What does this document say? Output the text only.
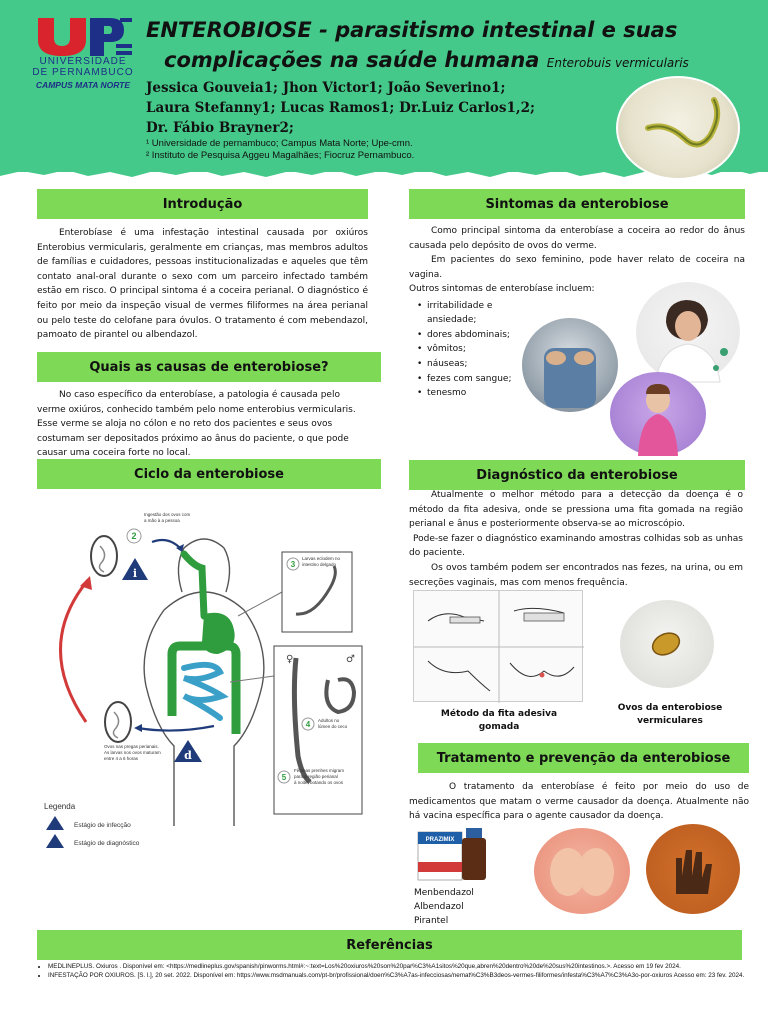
UNIVERSIDADE
DE PERNAMBUCO
CAMPUS MATA NORTE
ENTEROBIOSE - parasitismo intestinal e suas
complicações na saúde humana Enterobuis vermicularis
Jessica Gouveia1; Jhon Victor1; João Severino1;
Laura Stefanny1; Lucas Ramos1; Dr.Luiz Carlos1,2;
Dr. Fábio Brayner2;
¹ Universidade de pernambuco; Campus Mata Norte; Upe-cmn.
² Instituto de Pesquisa Aggeu Magalhães; Fiocruz Pernambuco.
Introdução

Enterobíase é uma infestação intestinal causada por oxiúros Enterobius vermicularis, geralmente em crianças, mas membros adultos de famílias e cuidadores, pessoas institucionalizadas e aqueles que têm contato anal-oral durante o sexo com um parceiro infectado também estão em risco. O principal sintoma é a coceira perianal. O diagnóstico é feito por meio da inspeção visual de vermes filiformes na área perianal ou pelo teste do celofane para óvulos. O tratamento é com mebendazol, pamoato de pirantel ou albendazol.

Quais as causas de enterobiose?

No caso específico da enterobíase, a patologia é causada pelo verme oxiúros, conhecido também pelo nome enterobius vermicularis. Esse verme se aloja no cólon e no reto dos pacientes e seus ovos costumam ser depositados próximo ao ânus do paciente, o que pode causar uma coceira forte no local.

Ciclo da enterobiose
2
3
4
5
i
d
♀	♂
Ingestão dos ovos com a mão à a pessoa
Larvas eclodem no intestino delgado
Adultos no lúmen do ceco
Fêmeas prenhes migram para a região perianal à noite, botando os ovos
Ovos nas pregas perianais. As larvas nos ovos maturam entre 4 a 6 horas
Estágio de infecção
Estágio de diagnóstico
Legenda
Sintomas da enterobiose

Como principal sintoma da enterobíase a coceira ao redor do ânus causada pelo depósito de ovos do verme.

Em pacientes do sexo feminino, pode haver relato de coceira na vagina.

Outros sintomas de enterobíase incluem:
• irritabilidade e ansiedade;
• dores abdominais;
• vômitos;
• náuseas;
• fezes com sangue;
• tenesmo
Diagnóstico da enterobiose

Atualmente o melhor método para a detecção da doença é o método da fita adesiva, onde se pressiona uma fita gomada na região perianal e ânus e posteriormente observa-se ao microscópio.

Pode-se fazer o diagnóstico examinando amostras colhidas sob as unhas do paciente.

Os ovos também podem ser encontrados nas fezes, na urina, ou em secreções vaginais, mas com menos frequência.

Método da fita adesiva gomada
Ovos da enterobiose vermiculares
Tratamento e prevenção da enterobiose

O tratamento da enterobíase é feito por meio do uso de medicamentos que matam o verme causador da doença. Atualmente não há vacina específica para o agente causador da doença.

PRAZIMIX
Menbendazol
Albendazol
Pirantel
Referências
• MEDLINEPLUS. Oxiuros . Disponível em: <https://medlineplus.gov/spanish/pinworms.html#:~:text=Los%20oxiuros%20son%20par%C3%A1sitos%20que,abren%20dentro%20de%20sus%20intestinos.>. Acesso em 19 fev 2024.
• INFESTAÇÃO POR OXIUROS. [S. l.], 20 set. 2022. Disponível em: https://www.msdmanuals.com/pt-br/profissional/doen%C3%A7as-infecciosas/nemat%C3%B3deos-vermes-filiformes/infesta%C3%A7%C3%A3o-por-oxiuros Acesso em: 23 fev. 2024.
